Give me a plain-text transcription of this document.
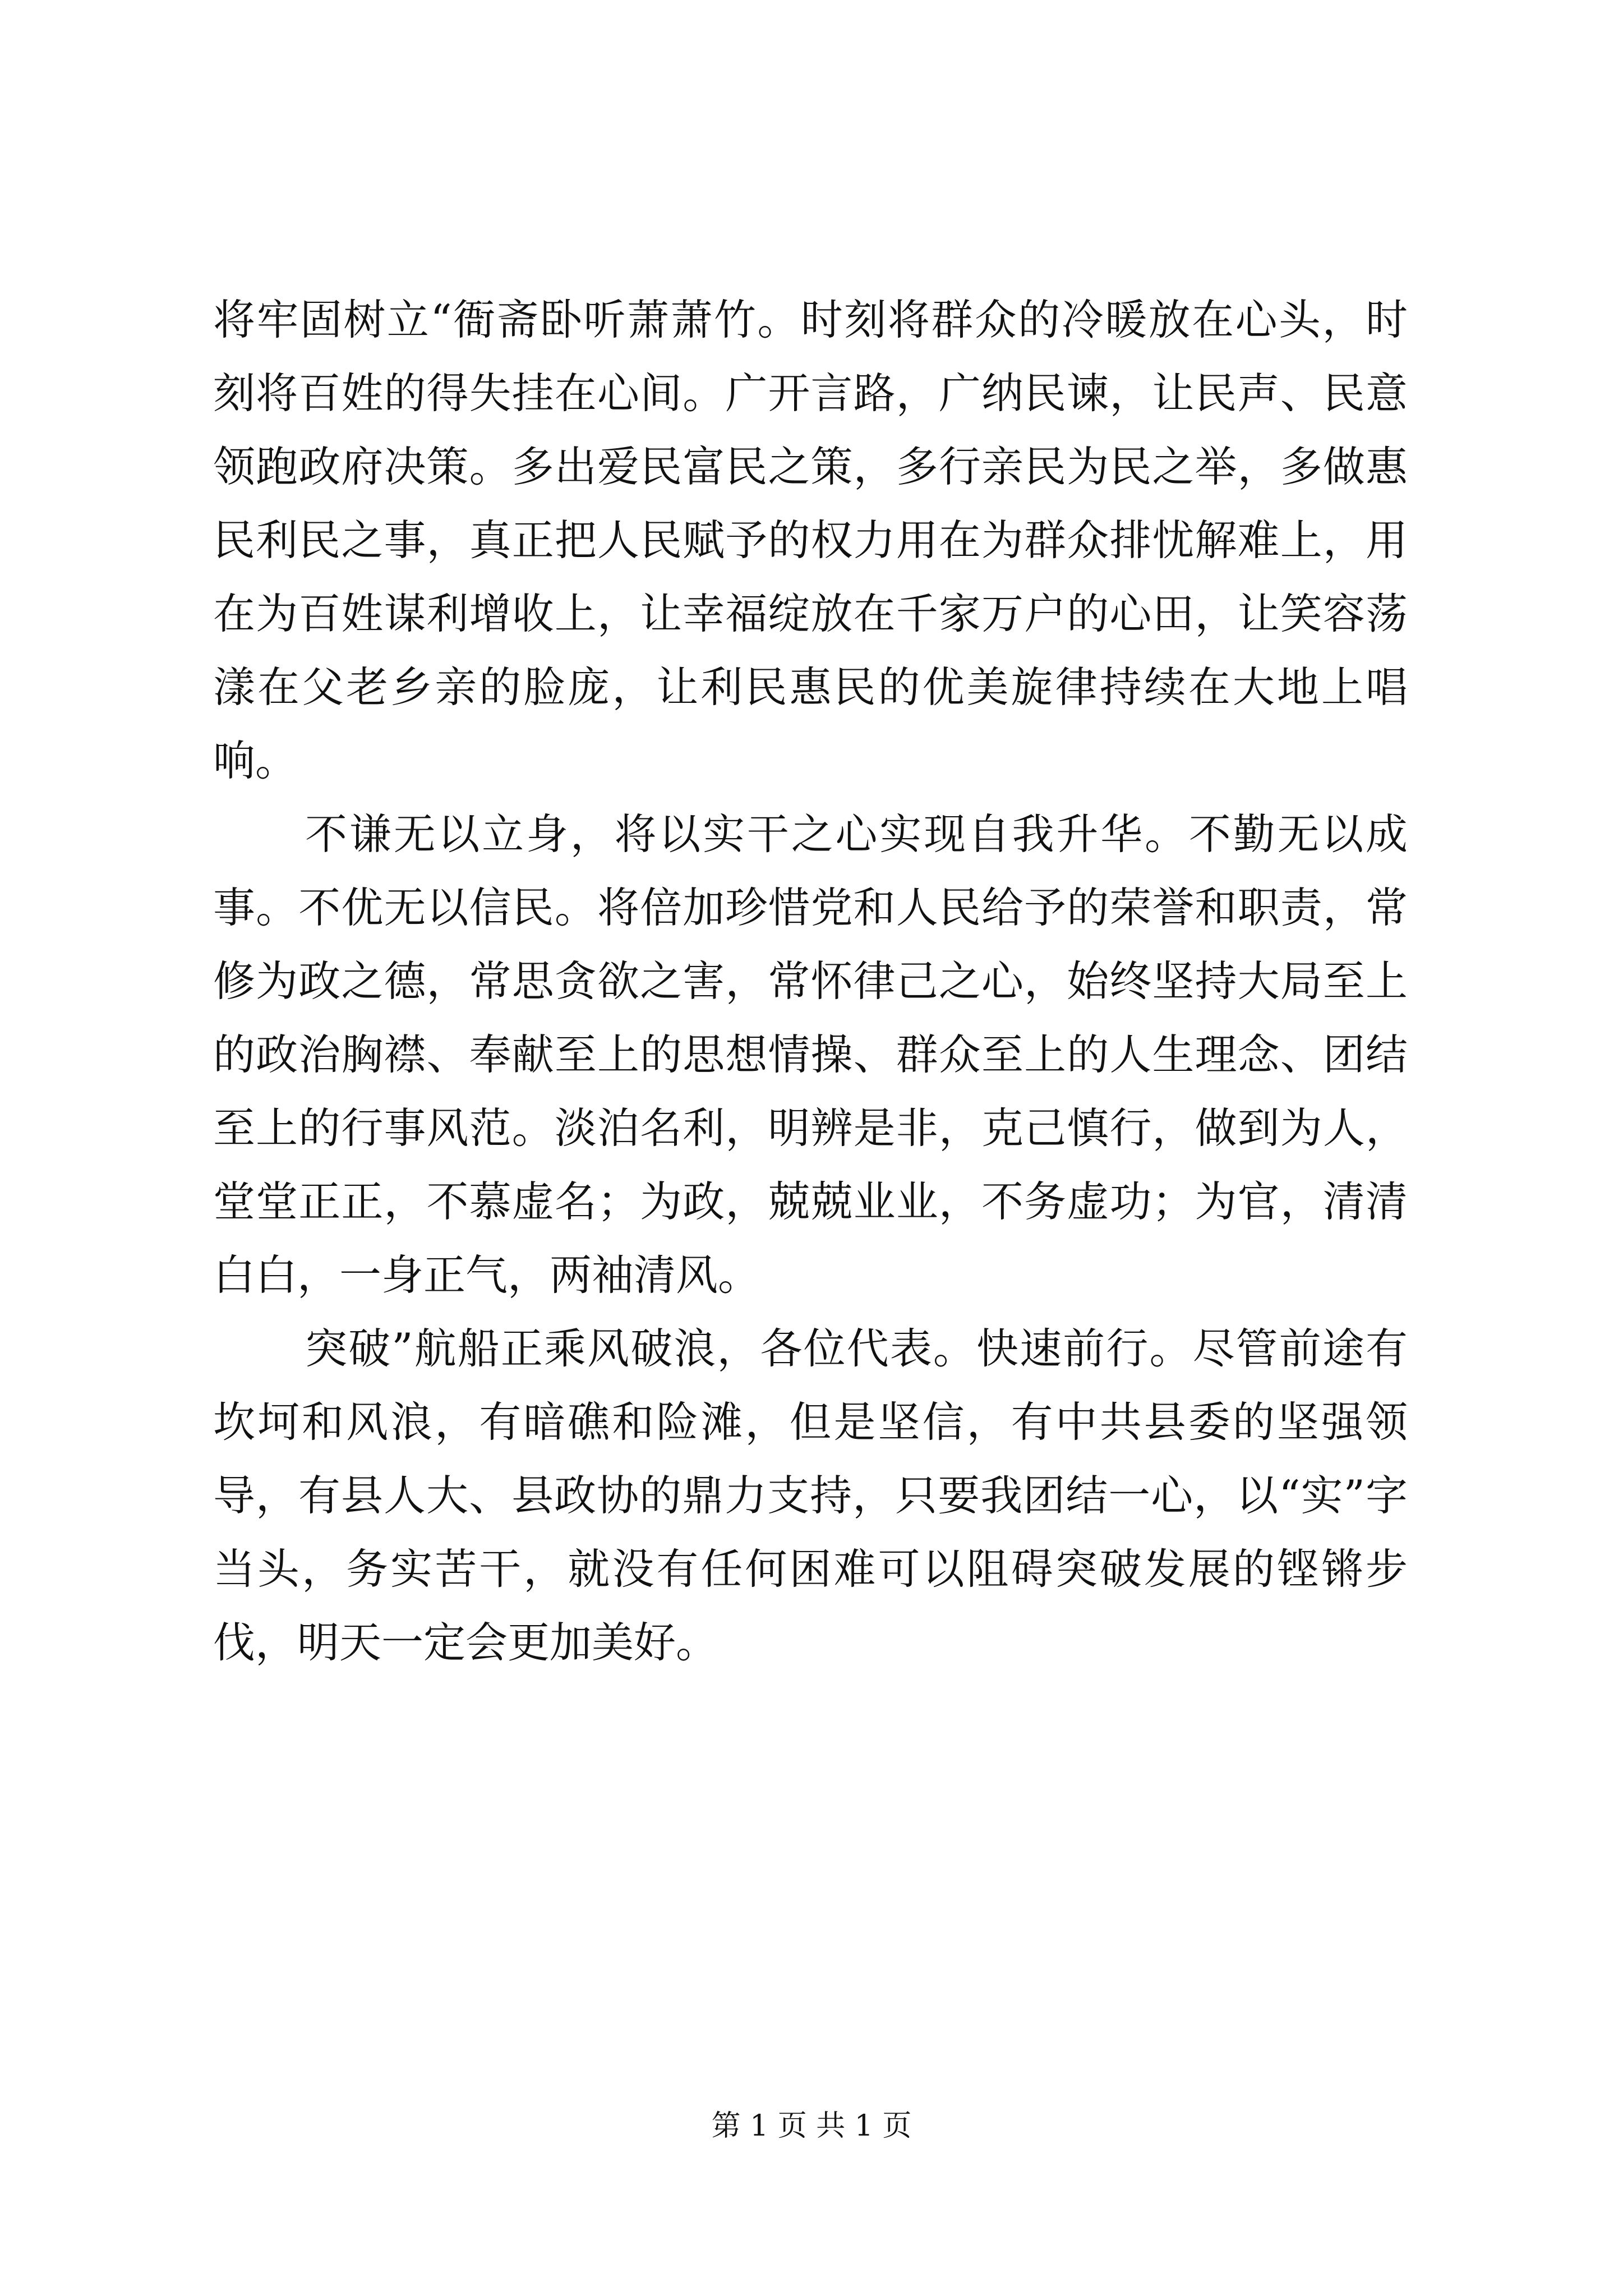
将牢固树立“衙斋卧听萧萧竹。时刻将群众的冷暖放在心头，时刻将百姓的得失挂在心间。广开言路，广纳民谏，让民声、民意领跑政府决策。多出爱民富民之策，多行亲民为民之举，多做惠民利民之事，真正把人民赋予的权力用在为群众排忧解难上，用在为百姓谋利增收上，让幸福绽放在千家万户的心田，让笑容荡漾在父老乡亲的脸庞，让利民惠民的优美旋律持续在大地上唱响。

不谦无以立身，将以实干之心实现自我升华。不勤无以成事。不优无以信民。将倍加珍惜党和人民给予的荣誉和职责，常修为政之德，常思贪欲之害，常怀律己之心，始终坚持大局至上的政治胸襟、奉献至上的思想情操、群众至上的人生理念、团结至上的行事风范。淡泊名利，明辨是非，克己慎行，做到为人，堂堂正正，不慕虚名；为政，兢兢业业，不务虚功；为官，清清白白，一身正气，两袖清风。

突破”航船正乘风破浪，各位代表。快速前行。尽管前途有坎坷和风浪，有暗礁和险滩，但是坚信，有中共县委的坚强领导，有县人大、县政协的鼎力支持，只要我团结一心，以“实”字当头，务实苦干，就没有任何困难可以阻碍突破发展的铿锵步伐，明天一定会更加美好。

第 1 页 共 1 页
